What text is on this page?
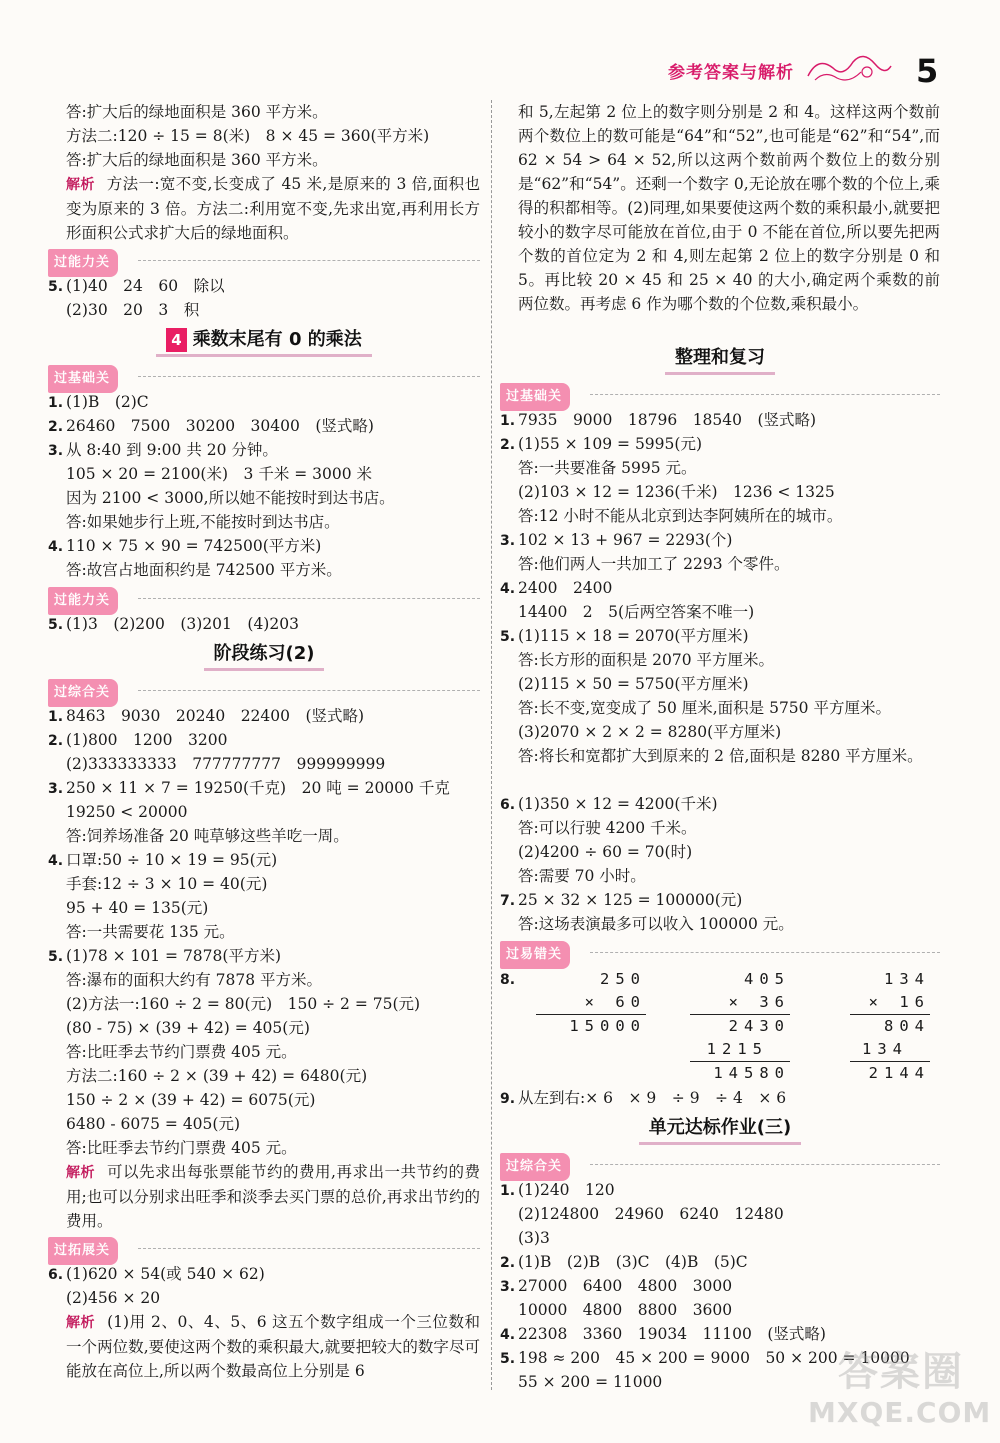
参考答案与解析	5
答:扩大后的绿地面积是 360 平方米。
方法二:120 ÷ 15 = 8(米)　8 × 45 = 360(平方米)
答:扩大后的绿地面积是 360 平方米。
解析 方法一:宽不变,长变成了 45 米,是原来的 3 倍,面积也变为原来的 3 倍。方法二:利用宽不变,先求出宽,再利用长方形面积公式求扩大后的绿地面积。
过能力关
5. (1)40　24　60　除以
(2)30　20　3　积
4 乘数末尾有 0 的乘法
过基础关
1. (1)B　(2)C
2. 26460　7500　30200　30400　(竖式略)
3. 从 8:40 到 9:00 共 20 分钟。
105 × 20 = 2100(米)　3 千米 = 3000 米
因为 2100 < 3000,所以她不能按时到达书店。
答:如果她步行上班,不能按时到达书店。
4. 110 × 75 × 90 = 742500(平方米)
答:故宫占地面积约是 742500 平方米。
过能力关
5. (1)3　(2)200　(3)201　(4)203
阶段练习(2)
过综合关
1. 8463　9030　20240　22400　(竖式略)
2. (1)800　1200　3200
(2)333333333　777777777　999999999
3. 250 × 11 × 7 = 19250(千克)　20 吨 = 20000 千克
19250 < 20000
答:饲养场准备 20 吨草够这些羊吃一周。
4. 口罩:50 ÷ 10 × 19 = 95(元)
手套:12 ÷ 3 × 10 = 40(元)
95 + 40 = 135(元)
答:一共需要花 135 元。
5. (1)78 × 101 = 7878(平方米)
答:瀑布的面积大约有 7878 平方米。
(2)方法一:160 ÷ 2 = 80(元)　150 ÷ 2 = 75(元)
(80 - 75) × (39 + 42) = 405(元)
答:比旺季去节约门票费 405 元。
方法二:160 ÷ 2 × (39 + 42) = 6480(元)
150 ÷ 2 × (39 + 42) = 6075(元)
6480 - 6075 = 405(元)
答:比旺季去节约门票费 405 元。
解析 可以先求出每张票能节约的费用,再求出一共节约的费用;也可以分别求出旺季和淡季去买门票的总价,再求出节约的费用。
过拓展关
6. (1)620 × 54(或 540 × 62)
(2)456 × 20
解析 (1)用 2、0、4、5、6 这五个数字组成一个三位数和一个两位数,要使这两个数的乘积最大,就要把较大的数字尽可能放在高位上,所以两个数最高位上分别是 6
和 5,左起第 2 位上的数字则分别是 2 和 4。这样这两个数前两个数位上的数可能是“64”和“52”,也可能是“62”和“54”,而 62 × 54 > 64 × 52,所以这两个数前两个数位上的数分别是“62”和“54”。还剩一个数字 0,无论放在哪个数的个位上,乘得的积都相等。(2)同理,如果要使这两个数的乘积最小,就要把较小的数字尽可能放在首位,由于 0 不能在首位,所以要先把两个数的首位定为 2 和 4,则左起第 2 位上的数字分别是 0 和 5。再比较 20 × 45 和 25 × 40 的大小,确定两个乘数的前两位数。再考虑 6 作为哪个数的个位数,乘积最小。
整理和复习
过基础关
1. 7935　9000　18796　18540　(竖式略)
2. (1)55 × 109 = 5995(元)
答:一共要准备 5995 元。
(2)103 × 12 = 1236(千米)　1236 < 1325
答:12 小时不能从北京到达李阿姨所在的城市。
3. 102 × 13 + 967 = 2293(个)
答:他们两人一共加工了 2293 个零件。
4. 2400　2400
14400　2　5(后两空答案不唯一)
5. (1)115 × 18 = 2070(平方厘米)
答:长方形的面积是 2070 平方厘米。
(2)115 × 50 = 5750(平方厘米)
答:长不变,宽变成了 50 厘米,面积是 5750 平方厘米。
(3)2070 × 2 × 2 = 8280(平方厘米)
答:将长和宽都扩大到原来的 2 倍,面积是 8280 平方厘米。
6. (1)350 × 12 = 4200(千米)
答:可以行驶 4200 千米。
(2)4200 ÷ 60 = 70(时)
答:需要 70 小时。
7. 25 × 32 × 125 = 100000(元)
答:这场表演最多可以收入 100000 元。
过易错关
8.	250
× 60
15000
405
× 36
2430
1215
14580
134
× 16
804
134
2144
9. 从左到右:× 6　× 9　÷ 9　÷ 4　× 6
单元达标作业(三)
过综合关
1. (1)240　120
(2)124800　24960　6240　12480
(3)3
2. (1)B　(2)B　(3)C　(4)B　(5)C
3. 27000　6400　4800　3000
10000　4800　8800　3600
4. 22308　3360　19034　11100　(竖式略)
5. 198 ≈ 200　45 × 200 = 9000　50 × 200 = 10000
55 × 200 = 11000	答案圈
MXQE.COM
